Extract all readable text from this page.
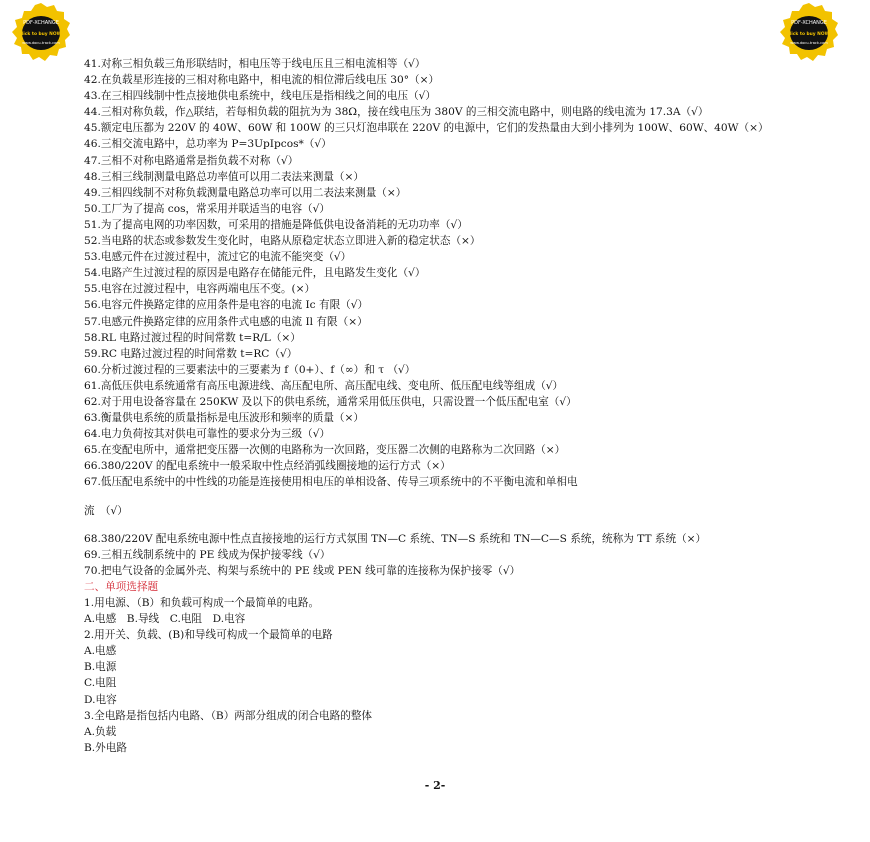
PDF-XCHANGE
Click to buy NOW!
www.docu-track.com
PDF-XCHANGE
Click to buy NOW!
www.docu-track.com
41.对称三相负载三角形联结时，相电压等于线电压且三相电流相等（√）
42.在负载星形连接的三相对称电路中，相电流的相位滞后线电压 30°（×）
43.在三相四线制中性点接地供电系统中，线电压是指相线之间的电压（√）
44.三相对称负载，作△联结，若每相负载的阻抗为为 38Ω，接在线电压为 380V 的三相交流电路中，则电路的线电流为 17.3A（√）
45.额定电压都为 220V 的 40W、60W 和 100W 的三只灯泡串联在 220V 的电源中，它们的发热量由大到小排列为 100W、60W、40W（×）
46.三相交流电路中，总功率为 P=3UpIpcos*（√）
47.三相不对称电路通常是指负载不对称（√）
48.三相三线制测量电路总功率值可以用二表法来测量（×）
49.三相四线制不对称负载测量电路总功率可以用二表法来测量（×）
50.工厂为了提高 cos，常采用并联适当的电容（√）
51.为了提高电网的功率因数，可采用的措施是降低供电设备消耗的无功功率（√）
52.当电路的状态或参数发生变化时，电路从原稳定状态立即进入新的稳定状态（×）
53.电感元件在过渡过程中，流过它的电流不能突变（√）
54.电路产生过渡过程的原因是电路存在储能元件，且电路发生变化（√）
55.电容在过渡过程中，电容两端电压不变。(×）
56.电容元件换路定律的应用条件是电容的电流 Ic 有限（√）
57.电感元件换路定律的应用条件式电感的电流 Il 有限（×）
58.RL 电路过渡过程的时间常数 t=R/L（×）
59.RC 电路过渡过程的时间常数 t=RC（√）
60.分析过渡过程的三要素法中的三要素为 f（0+）、f（∞）和 τ （√）
61.高低压供电系统通常有高压电源进线、高压配电所、高压配电线、变电所、低压配电线等组成（√）
62.对于用电设备容量在 250KW 及以下的供电系统，通常采用低压供电，只需设置一个低压配电室（√）
63.衡量供电系统的质量指标是电压波形和频率的质量（×）
64.电力负荷按其对供电可靠性的要求分为三级（√）
65.在变配电所中，通常把变压器一次侧的电路称为一次回路，变压器二次侧的电路称为二次回路（×）
66.380/220V 的配电系统中一般采取中性点经消弧线圈接地的运行方式（×）
67.低压配电系统中的中性线的功能是连接使用相电压的单相设备、传导三项系统中的不平衡电流和单相电
流　（√）
68.380/220V 配电系统电源中性点直接接地的运行方式氛围 TN—C 系统、TN—S 系统和 TN—C—S 系统，统称为 TT 系统（×）
69.三相五线制系统中的 PE 线成为保护接零线（√）
70.把电气设备的金属外壳、构架与系统中的 PE 线或 PEN 线可靠的连接称为保护接零（√）
二、单项选择题
1.用电源、（B）和负载可构成一个最简单的电路。
A.电感　B.导线　C.电阻　D.电容
2.用开关、负载、(B)和导线可构成一个最简单的电路
A.电感
B.电源
C.电阻
D.电容
3.全电路是指包括内电路、（B）两部分组成的闭合电路的整体
A.负载
B.外电路
- 2-
